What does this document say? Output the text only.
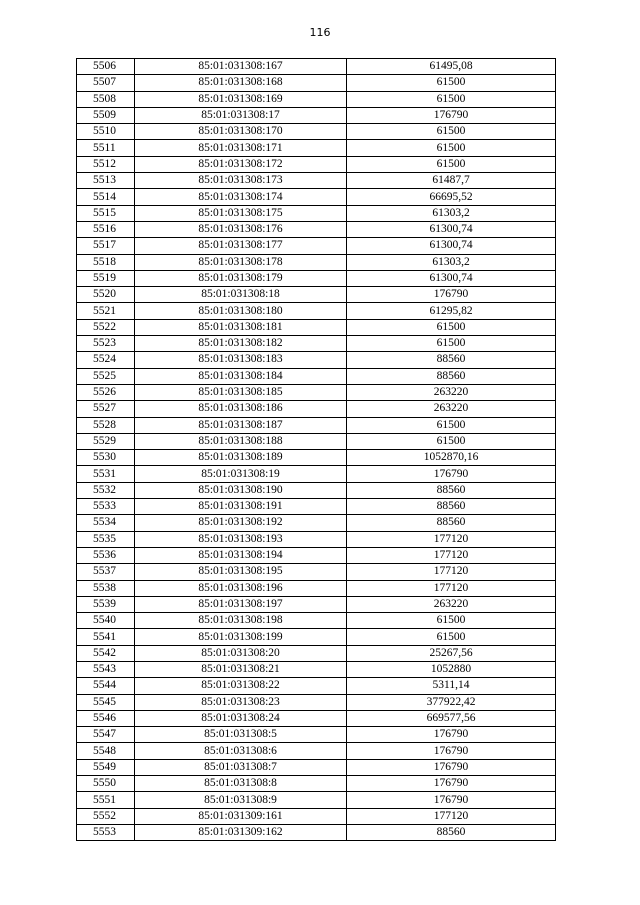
116
5506	85:01:031308:167	61495,08
5507	85:01:031308:168	61500
5508	85:01:031308:169	61500
5509	85:01:031308:17	176790
5510	85:01:031308:170	61500
5511	85:01:031308:171	61500
5512	85:01:031308:172	61500
5513	85:01:031308:173	61487,7
5514	85:01:031308:174	66695,52
5515	85:01:031308:175	61303,2
5516	85:01:031308:176	61300,74
5517	85:01:031308:177	61300,74
5518	85:01:031308:178	61303,2
5519	85:01:031308:179	61300,74
5520	85:01:031308:18	176790
5521	85:01:031308:180	61295,82
5522	85:01:031308:181	61500
5523	85:01:031308:182	61500
5524	85:01:031308:183	88560
5525	85:01:031308:184	88560
5526	85:01:031308:185	263220
5527	85:01:031308:186	263220
5528	85:01:031308:187	61500
5529	85:01:031308:188	61500
5530	85:01:031308:189	1052870,16
5531	85:01:031308:19	176790
5532	85:01:031308:190	88560
5533	85:01:031308:191	88560
5534	85:01:031308:192	88560
5535	85:01:031308:193	177120
5536	85:01:031308:194	177120
5537	85:01:031308:195	177120
5538	85:01:031308:196	177120
5539	85:01:031308:197	263220
5540	85:01:031308:198	61500
5541	85:01:031308:199	61500
5542	85:01:031308:20	25267,56
5543	85:01:031308:21	1052880
5544	85:01:031308:22	5311,14
5545	85:01:031308:23	377922,42
5546	85:01:031308:24	669577,56
5547	85:01:031308:5	176790
5548	85:01:031308:6	176790
5549	85:01:031308:7	176790
5550	85:01:031308:8	176790
5551	85:01:031308:9	176790
5552	85:01:031309:161	177120
5553	85:01:031309:162	88560
